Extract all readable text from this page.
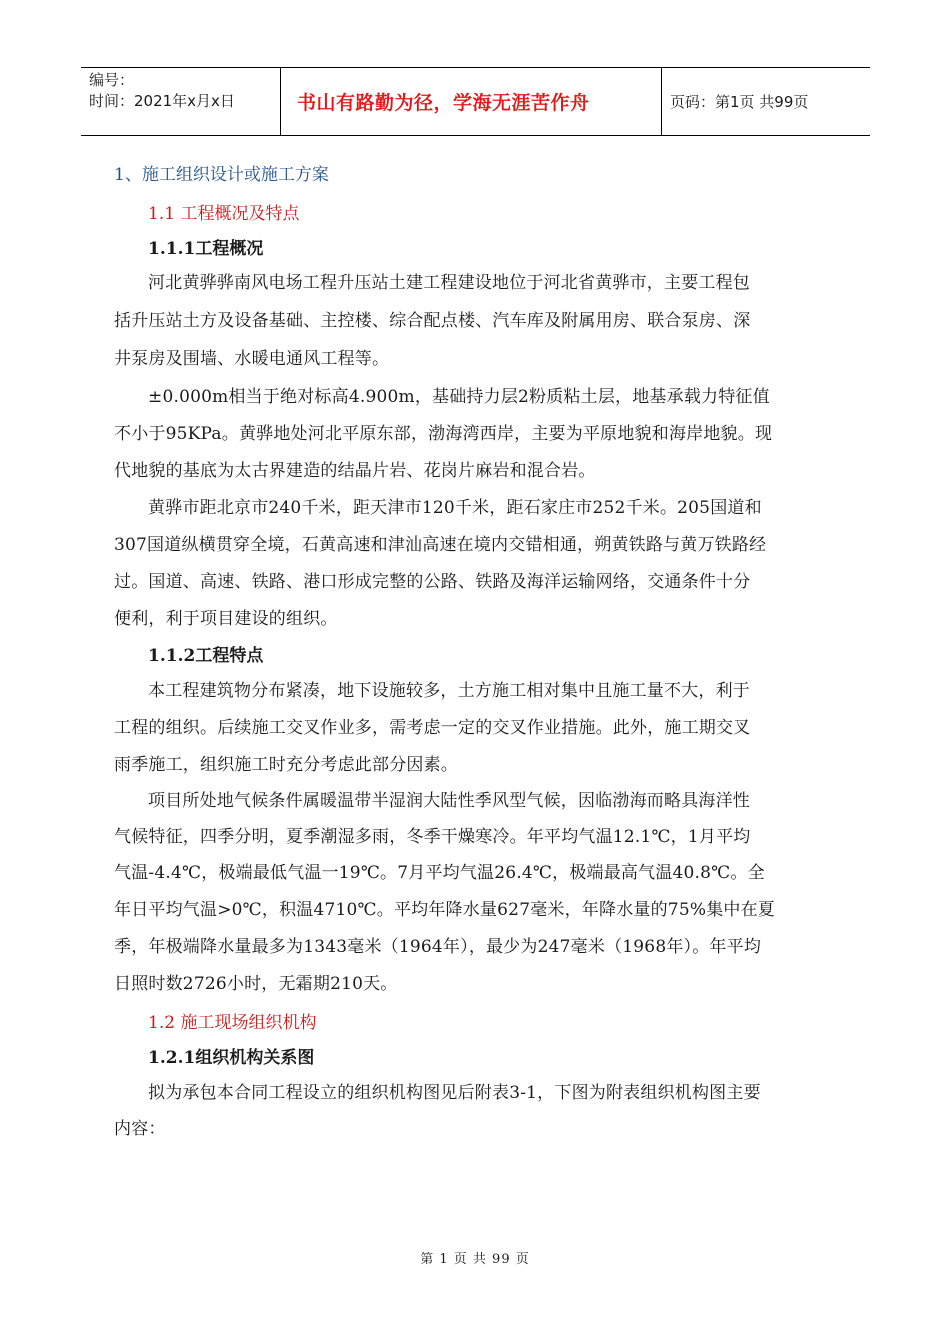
编号：
时间：2021年x月x日	书山有路勤为径，学海无涯苦作舟	页码：第1页 共99页
1、施工组织设计或施工方案
1.1 工程概况及特点
1.1.1工程概况
河北黄骅骅南风电场工程升压站土建工程建设地位于河北省黄骅市，主要工程包
括升压站土方及设备基础、主控楼、综合配点楼、汽车库及附属用房、联合泵房、深
井泵房及围墙、水暖电通风工程等。
±0.000m相当于绝对标高4.900m，基础持力层2粉质粘土层，地基承载力特征值
不小于95KPa。黄骅地处河北平原东部，渤海湾西岸，主要为平原地貌和海岸地貌。现
代地貌的基底为太古界建造的结晶片岩、花岗片麻岩和混合岩。
黄骅市距北京市240千米，距天津市120千米，距石家庄市252千米。205国道和
307国道纵横贯穿全境，石黄高速和津汕高速在境内交错相通，朔黄铁路与黄万铁路经
过。国道、高速、铁路、港口形成完整的公路、铁路及海洋运输网络，交通条件十分
便利，利于项目建设的组织。
1.1.2工程特点
本工程建筑物分布紧凑，地下设施较多，土方施工相对集中且施工量不大，利于
工程的组织。后续施工交叉作业多，需考虑一定的交叉作业措施。此外，施工期交叉
雨季施工，组织施工时充分考虑此部分因素。
项目所处地气候条件属暖温带半湿润大陆性季风型气候，因临渤海而略具海洋性
气候特征，四季分明，夏季潮湿多雨，冬季干燥寒冷。年平均气温12.1℃，1月平均
气温-4.4℃，极端最低气温一19℃。7月平均气温26.4℃，极端最高气温40.8℃。全
年日平均气温>0℃，积温4710℃。平均年降水量627毫米，年降水量的75%集中在夏
季，年极端降水量最多为1343毫米（1964年），最少为247毫米（1968年）。年平均
日照时数2726小时，无霜期210天。
1.2 施工现场组织机构
1.2.1组织机构关系图
拟为承包本合同工程设立的组织机构图见后附表3-1，下图为附表组织机构图主要
内容：
第 1 页 共 99 页
